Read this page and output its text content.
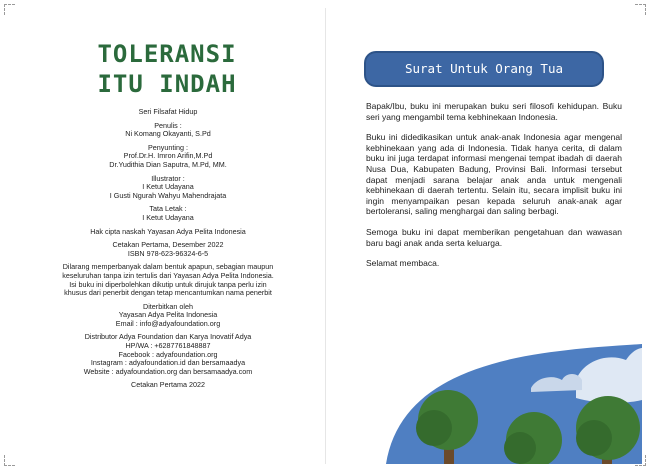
TOLERANSI
ITU INDAH
Seri Filsafat Hidup
Penulis :
Ni Komang Okayanti, S.Pd
Penyunting :
Prof.Dr.H. Imron Arifin,M.Pd
Dr.Yudithia Dian Saputra, M.Pd, MM.
Illustrator :
I Ketut Udayana
I Gusti Ngurah Wahyu Mahendrajata
Tata Letak :
I Ketut Udayana
Hak cipta naskah Yayasan Adya Pelita Indonesia
Cetakan Pertama, Desember 2022
ISBN 978-623-96324-6-5
Dilarang memperbanyak dalam bentuk apapun, sebagian maupun
keseluruhan tanpa izin tertulis dari Yayasan Adya Pelita Indonesia.
Isi buku ini diperbolehkan dikutip untuk dirujuk tanpa perlu izin
khusus dari penerbit dengan tetap mencantumkan nama penerbit
Diterbitkan oleh
Yayasan Adya Pelita Indonesia
Email : info@adyafoundation.org
Distributor Adya Foundation dan Karya Inovatif Adya
HP/WA : +6287761848887
Facebook : adyafoundation.org
Instagram : adyafoundation.id dan bersamaadya
Website : adyafoundation.org dan bersamaadya.com
Cetakan Pertama 2022
Surat Untuk Orang Tua

Bapak/Ibu, buku ini merupakan buku seri filosofi kehidupan. Buku seri yang mengambil tema kebhinekaan Indonesia.

Buku ini didedikasikan untuk anak-anak Indonesia agar mengenal kebhinekaan yang ada di Indonesia. Tidak hanya cerita, di dalam buku ini juga terdapat informasi mengenai tempat ibadah di daerah Nusa Dua, Kabupaten Badung, Provinsi Bali. Informasi tersebut dapat menjadi sarana belajar anak anda untuk mengenali kebhinekaan di daerah tertentu. Selain itu, secara implisit buku ini ingin menyampaikan pesan kepada seluruh anak-anak agar bertoleransi, saling menghargai dan saling berbagi.

Semoga buku ini dapat memberikan pengetahuan dan wawasan baru bagi anak anda serta keluarga.

Selamat membaca.
